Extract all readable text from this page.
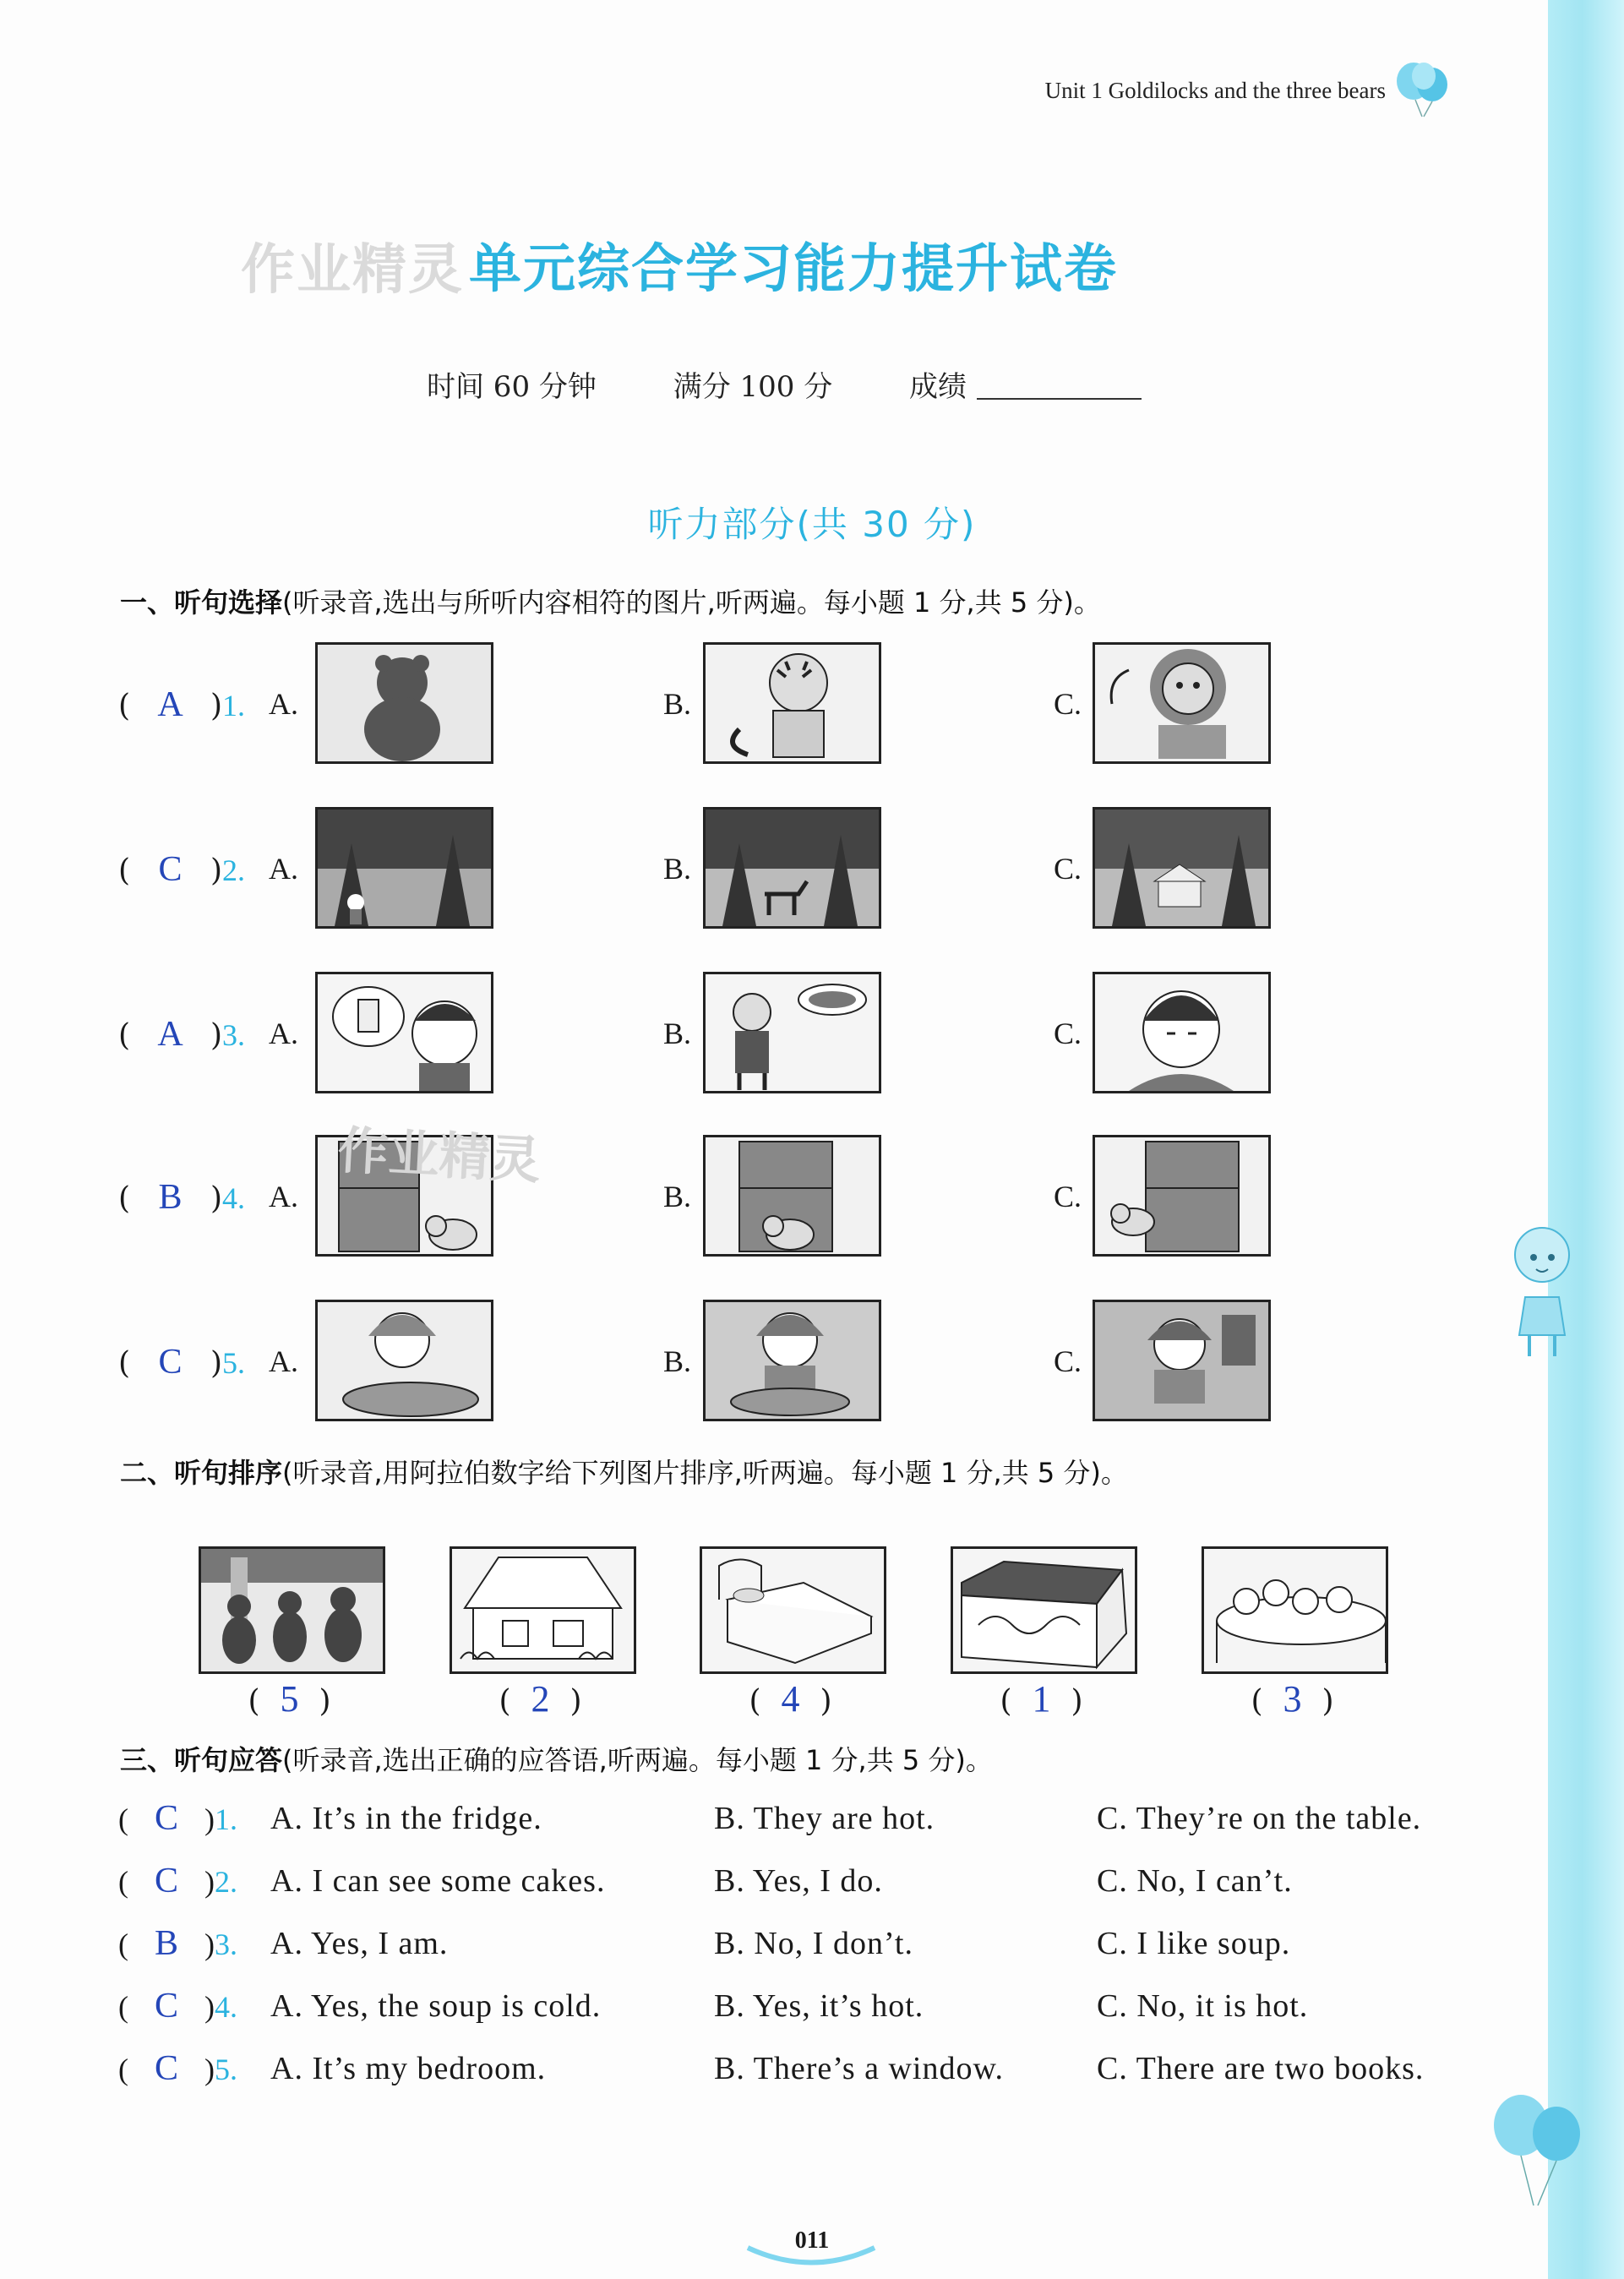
Unit 1 Goldilocks and the three bears
作业精灵 单元综合学习能力提升试卷
时间 60 分钟	满分 100 分	成绩
听力部分(共 30 分)
一、听句选择(听录音,选出与所听内容相符的图片,听两遍。每小题 1 分,共 5 分)。
( A )1. A.	B.	C.
( C )2. A.	B.	C.
( A )3. A.	B.	C.
( B )4. A.	B.	C.
( C )5. A.	B.	C.
作业精灵
二、听句排序(听录音,用阿拉伯数字给下列图片排序,听两遍。每小题 1 分,共 5 分)。
( 5 )	( 2 )	( 4 )	( 1 )	( 3 )
三、听句应答(听录音,选出正确的应答语,听两遍。每小题 1 分,共 5 分)。
( C )1. A. It’s in the fridge.	B. They are hot.	C. They’re on the table.
( C )2. A. I can see some cakes.	B. Yes, I do.	C. No, I can’t.
( B )3. A. Yes, I am.	B. No, I don’t.	C. I like soup.
( C )4. A. Yes, the soup is cold.	B. Yes, it’s hot.	C. No, it is hot.
( C )5. A. It’s my bedroom.	B. There’s a window.	C. There are two books.
011
